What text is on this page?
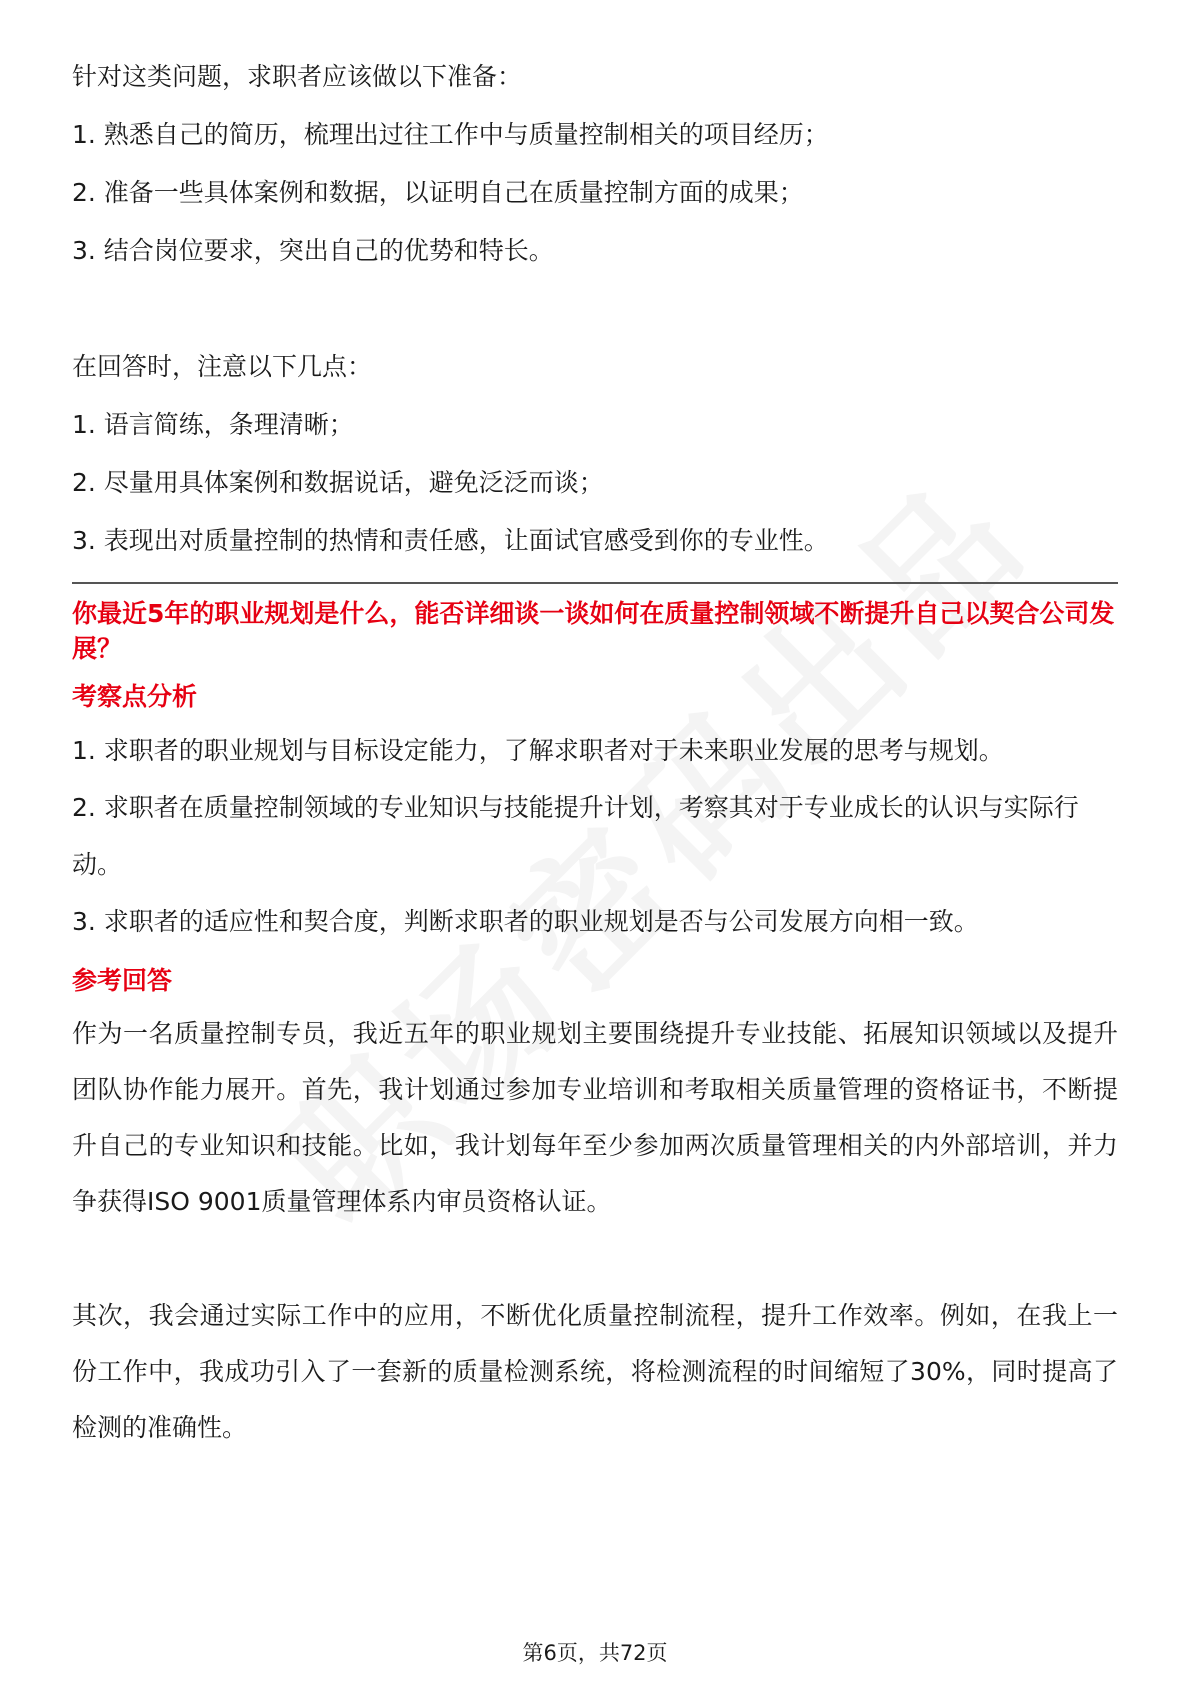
针对这类问题，求职者应该做以下准备：
1. 熟悉自己的简历，梳理出过往工作中与质量控制相关的项目经历；
2. 准备一些具体案例和数据，以证明自己在质量控制方面的成果；
3. 结合岗位要求，突出自己的优势和特长。
在回答时，注意以下几点：
1. 语言简练，条理清晰；
2. 尽量用具体案例和数据说话，避免泛泛而谈；
3. 表现出对质量控制的热情和责任感，让面试官感受到你的专业性。
你最近5年的职业规划是什么，能否详细谈一谈如何在质量控制领域不断提升自己以契合公司发展？
考察点分析
1. 求职者的职业规划与目标设定能力，了解求职者对于未来职业发展的思考与规划。
2. 求职者在质量控制领域的专业知识与技能提升计划，考察其对于专业成长的认识与实际行动。
3. 求职者的适应性和契合度，判断求职者的职业规划是否与公司发展方向相一致。
参考回答
作为一名质量控制专员，我近五年的职业规划主要围绕提升专业技能、拓展知识领域以及提升团队协作能力展开。首先，我计划通过参加专业培训和考取相关质量管理的资格证书，不断提升自己的专业知识和技能。比如，我计划每年至少参加两次质量管理相关的内外部培训，并力争获得ISO 9001质量管理体系内审员资格认证。
其次，我会通过实际工作中的应用，不断优化质量控制流程，提升工作效率。例如，在我上一份工作中，我成功引入了一套新的质量检测系统，将检测流程的时间缩短了30%，同时提高了检测的准确性。
第6页，共72页
